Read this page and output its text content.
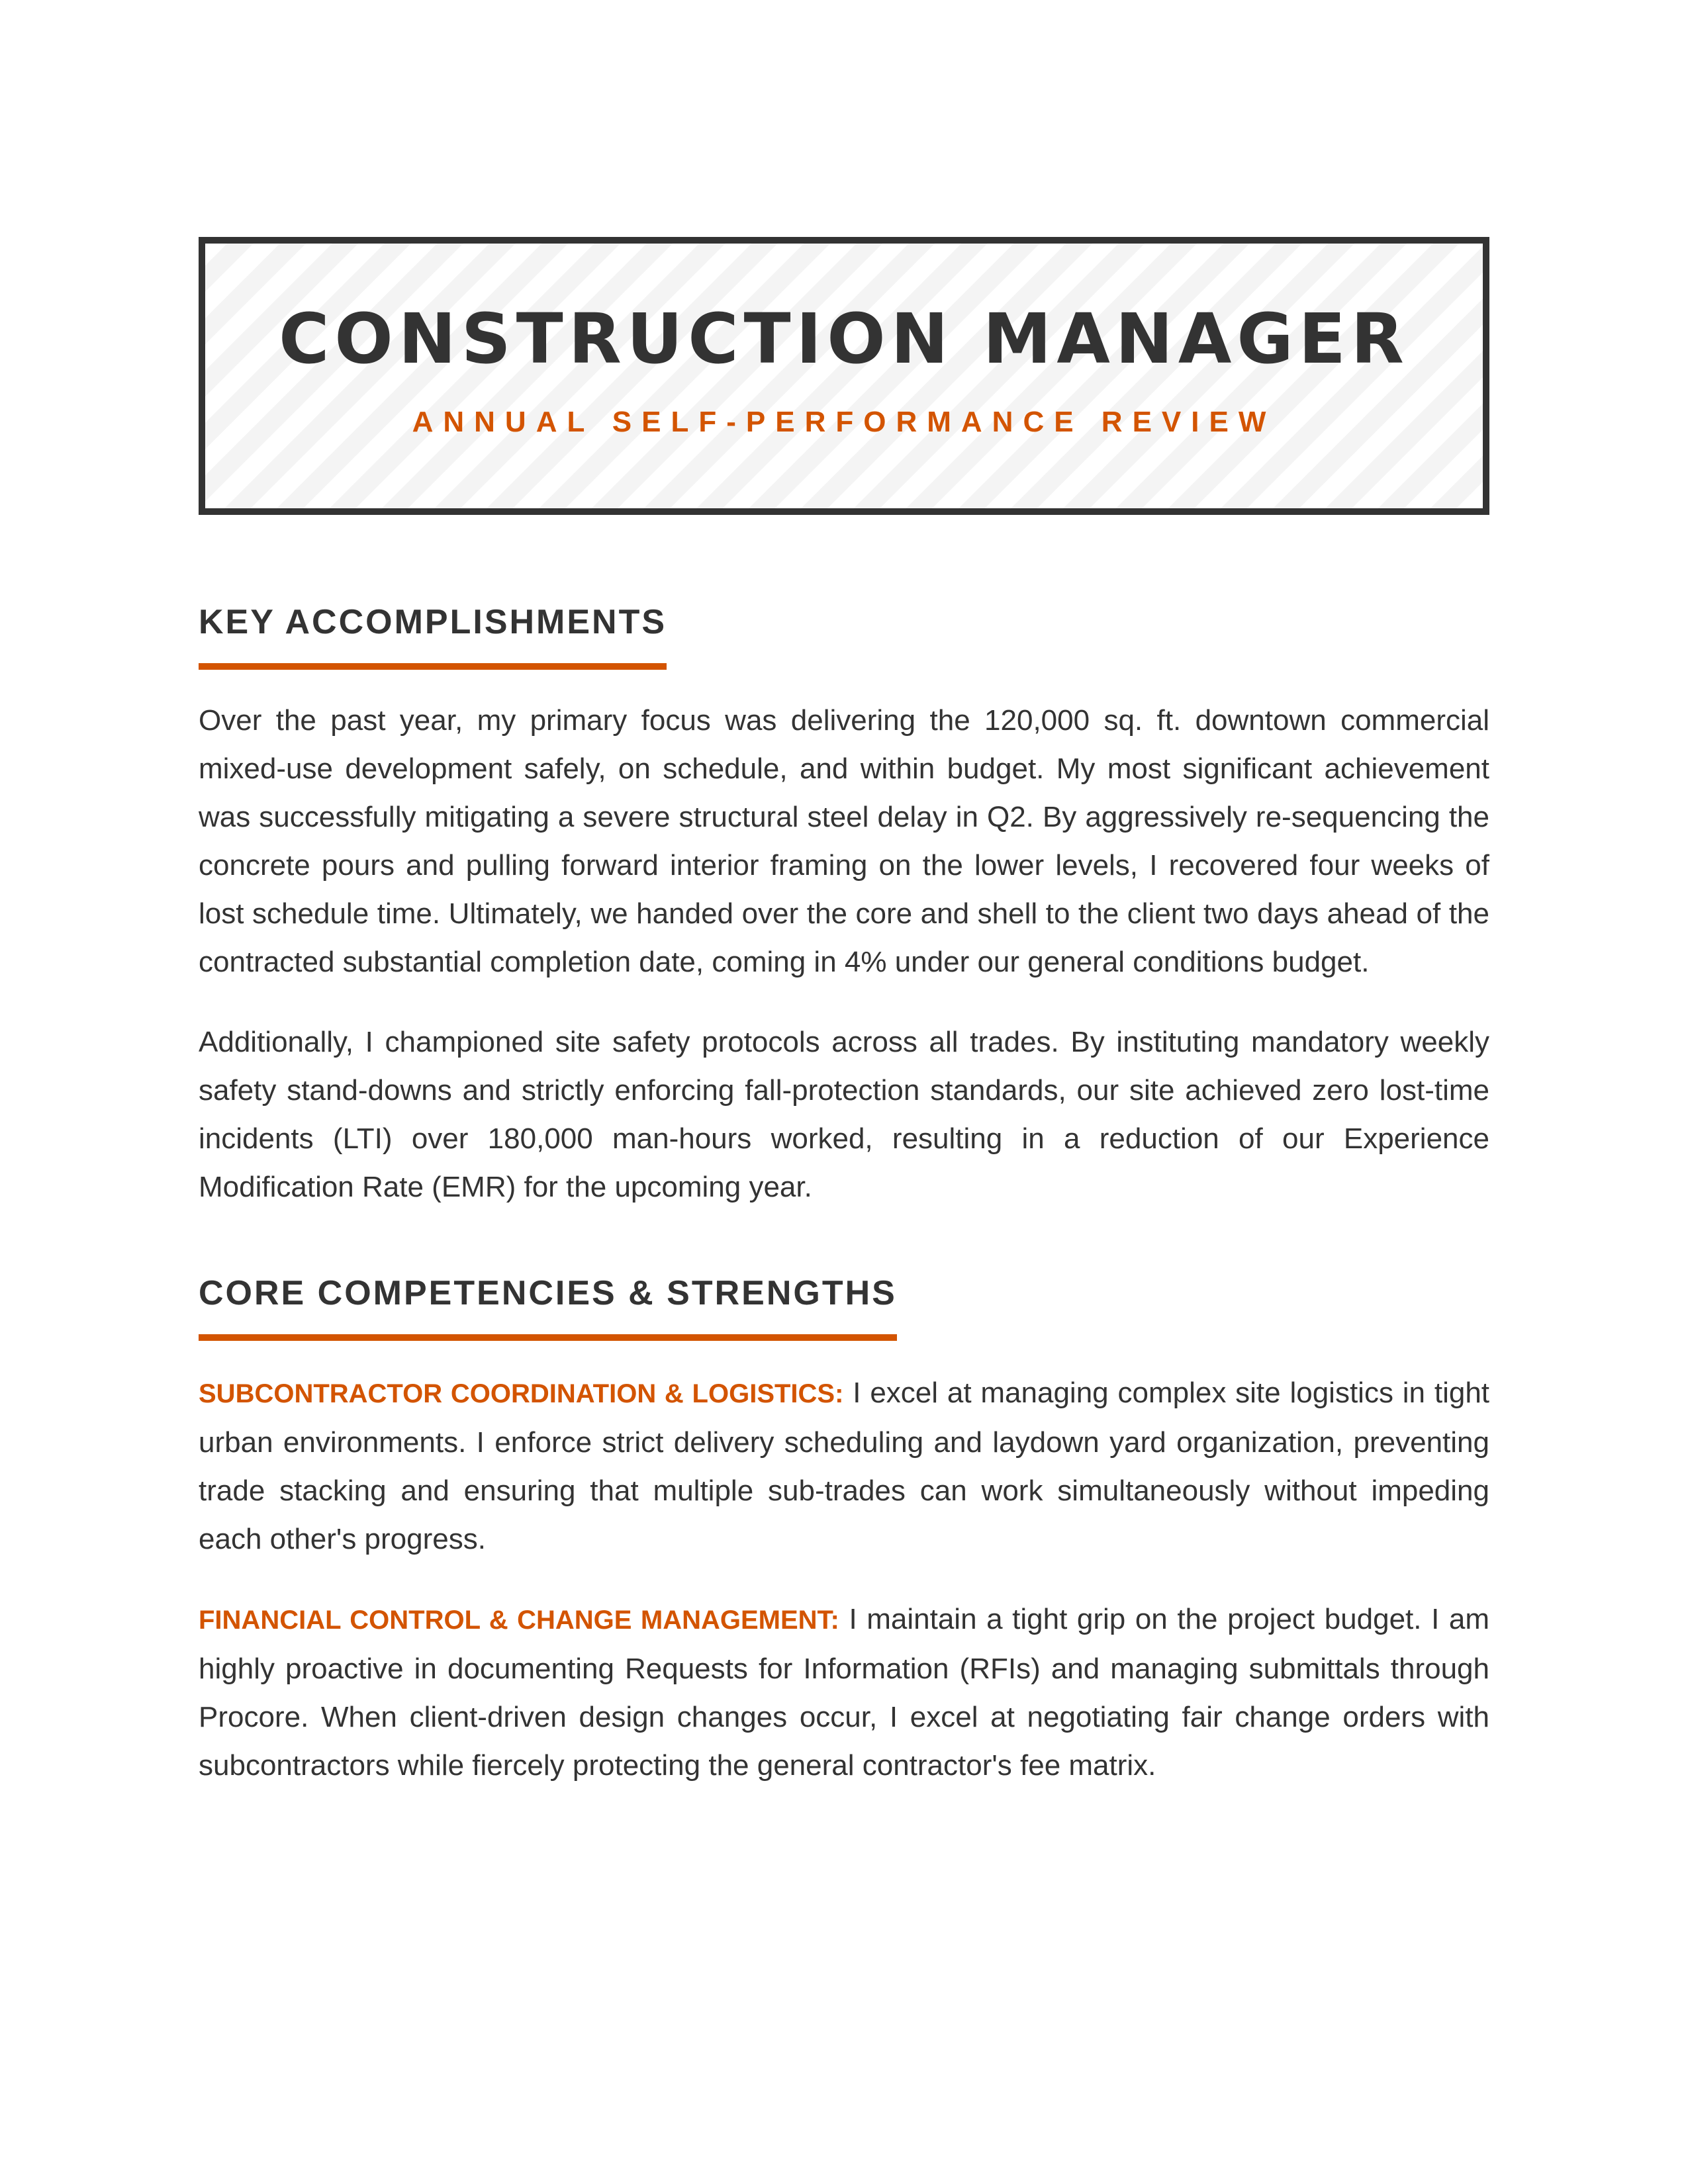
CONSTRUCTION MANAGER
ANNUAL SELF-PERFORMANCE REVIEW
KEY ACCOMPLISHMENTS

Over the past year, my primary focus was delivering the 120,000 sq. ft. downtown commercial mixed-use development safely, on schedule, and within budget. My most significant achievement was successfully mitigating a severe structural steel delay in Q2. By aggressively re-sequencing the concrete pours and pulling forward interior framing on the lower levels, I recovered four weeks of lost schedule time. Ultimately, we handed over the core and shell to the client two days ahead of the contracted substantial completion date, coming in 4% under our general conditions budget.

Additionally, I championed site safety protocols across all trades. By instituting mandatory weekly safety stand-downs and strictly enforcing fall-protection standards, our site achieved zero lost-time incidents (LTI) over 180,000 man-hours worked, resulting in a reduction of our Experience Modification Rate (EMR) for the upcoming year.

CORE COMPETENCIES & STRENGTHS

SUBCONTRACTOR COORDINATION & LOGISTICS: I excel at managing complex site logistics in tight urban environments. I enforce strict delivery scheduling and laydown yard organization, preventing trade stacking and ensuring that multiple sub-trades can work simultaneously without impeding each other's progress.

FINANCIAL CONTROL & CHANGE MANAGEMENT: I maintain a tight grip on the project budget. I am highly proactive in documenting Requests for Information (RFIs) and managing submittals through Procore. When client-driven design changes occur, I excel at negotiating fair change orders with subcontractors while fiercely protecting the general contractor's fee matrix.
